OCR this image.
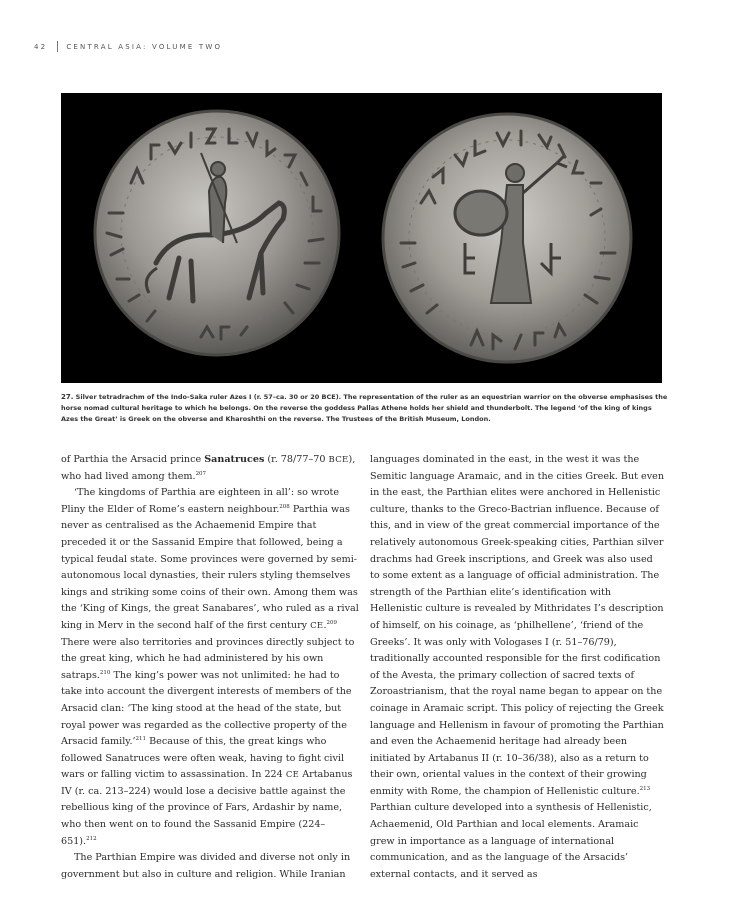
42	CENTRAL ASIA: VOLUME TWO
27. Silver tetradrachm of the Indo-Saka ruler Azes I (r. 57–ca. 30 or 20 BCE). The representation of the ruler as an equestrian warrior on the obverse emphasises the horse nomad cultural heritage to which he belongs. On the reverse the goddess Pallas Athene holds her shield and thunderbolt. The legend ‘of the king of kings Azes the Great’ is Greek on the obverse and Kharoshthi on the reverse. The Trustees of the British Museum, London.

of Parthia the Arsacid prince Sanatruces (r. 78/77–70 BCE), who had lived among them.$^{207}$

‘The kingdoms of Parthia are eighteen in all’: so wrote Pliny the Elder of Rome’s eastern neighbour.$^{208}$ Parthia was never as centralised as the Achaemenid Empire that preceded it or the Sassanid Empire that followed, being a typical feudal state. Some provinces were governed by semi-autonomous local dynasties, their rulers styling themselves kings and striking some coins of their own. Among them was the ‘King of Kings, the great Sanabares’, who ruled as a rival king in Merv in the second half of the first century CE.$^{209}$ There were also territories and provinces directly subject to the great king, which he had administered by his own satraps.$^{210}$ The king’s power was not unlimited: he had to take into account the divergent interests of members of the Arsacid clan: ‘The king stood at the head of the state, but royal power was regarded as the collective property of the Arsacid family.’$^{211}$ Because of this, the great kings who followed Sanatruces were often weak, having to fight civil wars or falling victim to assassination. In 224 CE Artabanus IV (r. ca. 213–224) would lose a decisive battle against the rebellious king of the province of Fars, Ardashir by name, who then went on to found the Sassanid Empire (224–651).$^{212}$

The Parthian Empire was divided and diverse not only in government but also in culture and religion. While Iranian

languages dominated in the east, in the west it was the Semitic language Aramaic, and in the cities Greek. But even in the east, the Parthian elites were anchored in Hellenistic culture, thanks to the Greco-Bactrian influence. Because of this, and in view of the great commercial importance of the relatively autonomous Greek-speaking cities, Parthian silver drachms had Greek inscriptions, and Greek was also used to some extent as a language of official administration. The strength of the Parthian elite’s identification with Hellenistic culture is revealed by Mithridates I’s description of himself, on his coinage, as ‘philhellene’, ‘friend of the Greeks’. It was only with Vologases I (r. 51–76/79), traditionally accounted responsible for the first codification of the Avesta, the primary collection of sacred texts of Zoroastrianism, that the royal name began to appear on the coinage in Aramaic script. This policy of rejecting the Greek language and Hellenism in favour of promoting the Parthian and even the Achaemenid heritage had already been initiated by Artabanus II (r. 10–36/38), also as a return to their own, oriental values in the context of their growing enmity with Rome, the champion of Hellenistic culture.$^{213}$ Parthian culture developed into a synthesis of Hellenistic, Achaemenid, Old Parthian and local elements. Aramaic grew in importance as a language of international communication, and as the language of the Arsacids’ external contacts, and it served as
